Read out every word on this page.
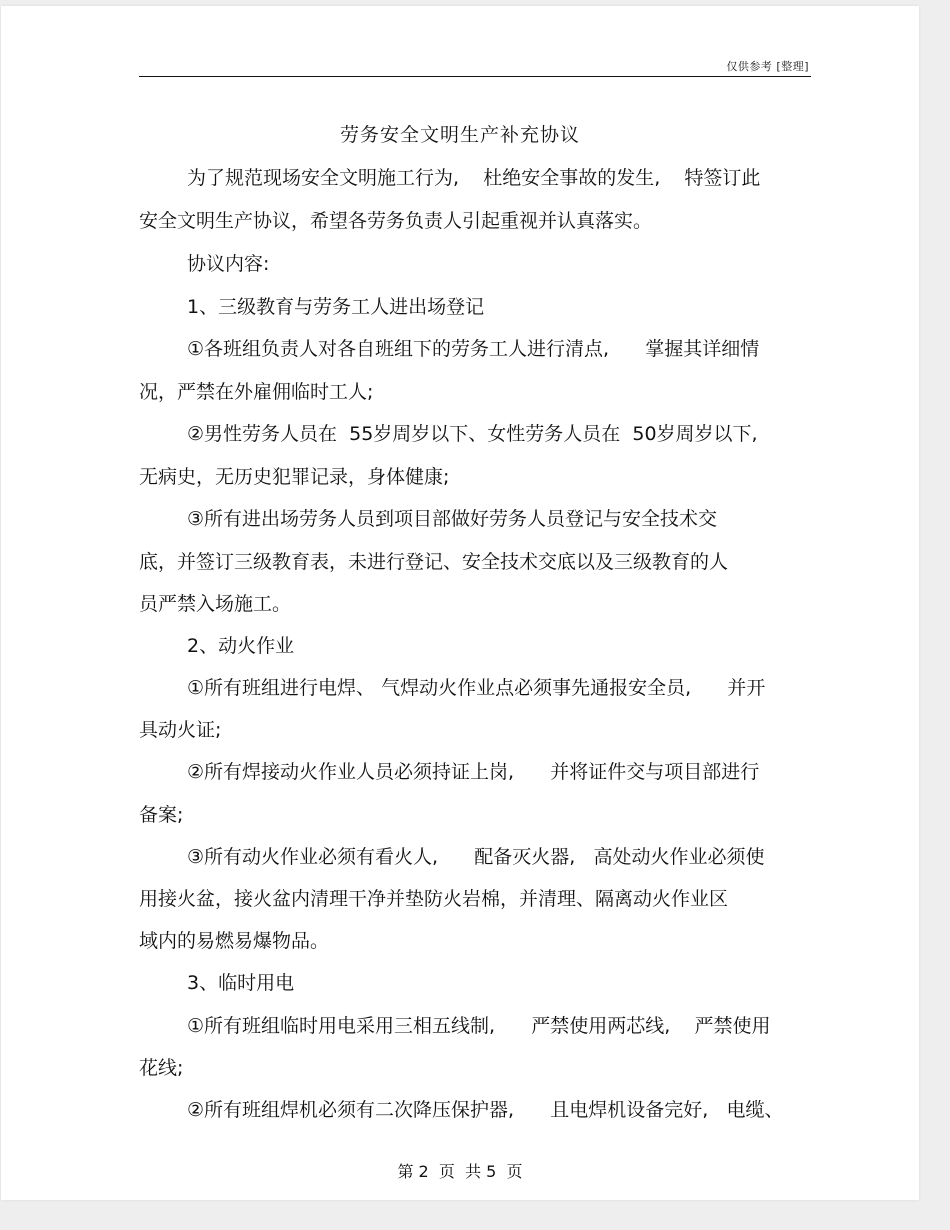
仅供参考 [整理]
劳务安全文明生产补充协议
为了规范现场安全文明施工行为,    杜绝安全事故的发生,    特签订此
安全文明生产协议，希望各劳务负责人引起重视并认真落实。
协议内容:
1、三级教育与劳务工人进出场登记
①各班组负责人对各自班组下的劳务工人进行清点,      掌握其详细情
况，严禁在外雇佣临时工人;
②男性劳务人员在  55岁周岁以下、女性劳务人员在  50岁周岁以下,
无病史，无历史犯罪记录，身体健康;
③所有进出场劳务人员到项目部做好劳务人员登记与安全技术交
底，并签订三级教育表，未进行登记、安全技术交底以及三级教育的人
员严禁入场施工。
2、动火作业
①所有班组进行电焊、 气焊动火作业点必须事先通报安全员,      并开
具动火证;
②所有焊接动火作业人员必须持证上岗,      并将证件交与项目部进行
备案;
③所有动火作业必须有看火人,      配备灭火器,   高处动火作业必须使
用接火盆，接火盆内清理干净并垫防火岩棉，并清理、隔离动火作业区
域内的易燃易爆物品。
3、临时用电
①所有班组临时用电采用三相五线制,      严禁使用两芯线,    严禁使用
花线;
②所有班组焊机必须有二次降压保护器,      且电焊机设备完好,   电缆、
第 2  页  共 5  页
